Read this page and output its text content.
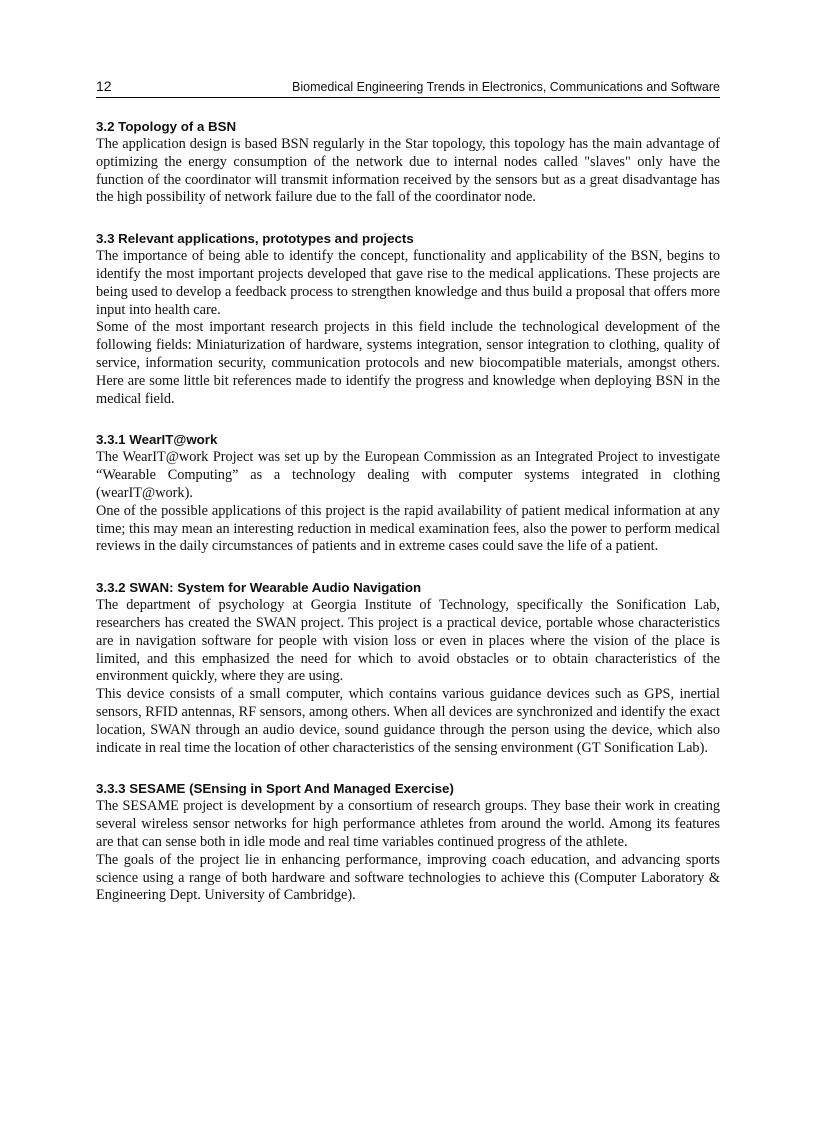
12	Biomedical Engineering Trends in Electronics, Communications and Software
3.2 Topology of a BSN

The application design is based BSN regularly in the Star topology, this topology has the main advantage of optimizing the energy consumption of the network due to internal nodes called "slaves" only have the function of the coordinator will transmit information received by the sensors but as a great disadvantage has the high possibility of network failure due to the fall of the coordinator node.

3.3 Relevant applications, prototypes and projects

The importance of being able to identify the concept, functionality and applicability of the BSN, begins to identify the most important projects developed that gave rise to the medical applications. These projects are being used to develop a feedback process to strengthen knowledge and thus build a proposal that offers more input into health care.

Some of the most important research projects in this field include the technological development of the following fields: Miniaturization of hardware, systems integration, sensor integration to clothing, quality of service, information security, communication protocols and new biocompatible materials, amongst others. Here are some little bit references made to identify the progress and knowledge when deploying BSN in the medical field.

3.3.1 WearIT@work

The WearIT@work Project was set up by the European Commission as an Integrated Project to investigate “Wearable Computing” as a technology dealing with computer systems integrated in clothing (wearIT@work).

One of the possible applications of this project is the rapid availability of patient medical information at any time; this may mean an interesting reduction in medical examination fees, also the power to perform medical reviews in the daily circumstances of patients and in extreme cases could save the life of a patient.

3.3.2 SWAN: System for Wearable Audio Navigation

The department of psychology at Georgia Institute of Technology, specifically the Sonification Lab, researchers has created the SWAN project. This project is a practical device, portable whose characteristics are in navigation software for people with vision loss or even in places where the vision of the place is limited, and this emphasized the need for which to avoid obstacles or to obtain characteristics of the environment quickly, where they are using.

This device consists of a small computer, which contains various guidance devices such as GPS, inertial sensors, RFID antennas, RF sensors, among others. When all devices are synchronized and identify the exact location, SWAN through an audio device, sound guidance through the person using the device, which also indicate in real time the location of other characteristics of the sensing environment (GT Sonification Lab).

3.3.3 SESAME (SEnsing in Sport And Managed Exercise)

The SESAME project is development by a consortium of research groups. They base their work in creating several wireless sensor networks for high performance athletes from around the world. Among its features are that can sense both in idle mode and real time variables continued progress of the athlete.

The goals of the project lie in enhancing performance, improving coach education, and advancing sports science using a range of both hardware and software technologies to achieve this (Computer Laboratory & Engineering Dept. University of Cambridge).
